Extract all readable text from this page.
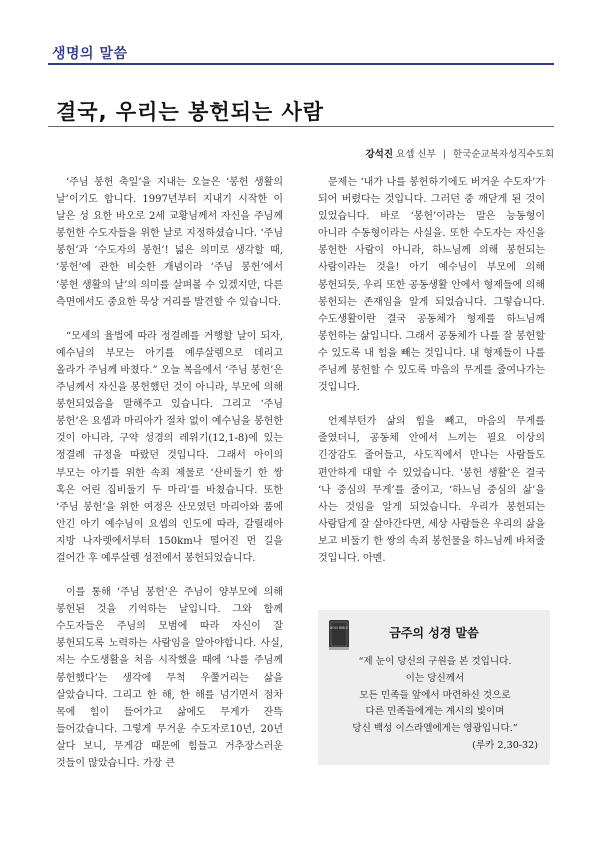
생명의 말씀
결국, 우리는 봉헌되는 사람
강석진 요셉 신부 | 한국순교복자성직수도회

‘주님 봉헌 축일’을 지내는 오늘은 ‘봉헌 생활의 날’이기도 합니다. 1997년부터 지내기 시작한 이 날은 성 요한 바오로 2세 교황님께서 자신을 주님께 봉헌한 수도자들을 위한 날로 지정하셨습니다. ‘주님 봉헌’과 ‘수도자의 봉헌’! 넓은 의미로 생각할 때, ‘봉헌’에 관한 비슷한 개념이라 ‘주님 봉헌’에서 ‘봉헌 생활의 날’의 의미를 살펴볼 수 있겠지만, 다른 측면에서도 중요한 묵상 거리를 발견할 수 있습니다.

“모세의 율법에 따라 정결례를 거행할 날이 되자, 예수님의 부모는 아기를 예루살렘으로 데리고 올라가 주님께 바쳤다.” 오늘 복음에서 ‘주님 봉헌’은 주님께서 자신을 봉헌했던 것이 아니라, 부모에 의해 봉헌되었음을 말해주고 있습니다. 그리고 ‘주님 봉헌’은 요셉과 마리아가 절차 없이 예수님을 봉헌한 것이 아니라, 구약 성경의 레위기(12,1-8)에 있는 정결례 규정을 따랐던 것입니다. 그래서 아이의 부모는 아기를 위한 속죄 제물로 ‘산비둘기 한 쌍 혹은 어린 집비둘기 두 마리’를 바쳤습니다. 또한 ‘주님 봉헌’을 위한 여정은 산모였던 마리아와 품에 안긴 아기 예수님이 요셉의 인도에 따라, 갈릴래아 지방 나자렛에서부터 150km나 떨어진 먼 길을 걸어간 후 예루살렘 성전에서 봉헌되었습니다.

이를 통해 ‘주님 봉헌’은 주님이 양부모에 의해 봉헌된 것을 기억하는 날입니다. 그와 함께 수도자들은 주님의 모범에 따라 자신이 잘 봉헌되도록 노력하는 사람임을 알아야합니다. 사실, 저는 수도생활을 처음 시작했을 때에 ‘나를 주님께 봉헌했다’는 생각에 무척 우쭐거리는 삶을 살았습니다. 그리고 한 해, 한 해를 넘기면서 점차 목에 힘이 들어가고 삶에도 무게가 잔뜩 들어갔습니다. 그렇게 무거운 수도자로10년, 20년 살다 보니, 무게감 때문에 힘들고 거추장스러운 것들이 많았습니다. 가장 큰

문제는 ‘내가 나를 봉헌하기에도 버거운 수도자’가 되어 버렸다는 것입니다. 그러던 중 깨닫게 된 것이 있었습니다. 바로 ‘봉헌’이라는 말은 능동형이 아니라 수동형이라는 사실을. 또한 수도자는 자신을 봉헌한 사람이 아니라, 하느님께 의해 봉헌되는 사람이라는 것을! 아기 예수님이 부모에 의해 봉헌되듯, 우리 또한 공동생활 안에서 형제들에 의해 봉헌되는 존재임을 알게 되었습니다. 그렇습니다. 수도생활이란 결국 공동체가 형제를 하느님께 봉헌하는 삶입니다. 그래서 공동체가 나를 잘 봉헌할 수 있도록 내 힘을 빼는 것입니다. 내 형제들이 나를 주님께 봉헌할 수 있도록 마음의 무게를 줄여나가는 것입니다.

언제부턴가 삶의 힘을 빼고, 마음의 무게를 줄였더니, 공동체 안에서 느끼는 필요 이상의 긴장감도 줄어들고, 사도직에서 만나는 사람들도 편안하게 대할 수 있었습니다. ‘봉헌 생활’은 결국 ‘나 중심의 무게’를 줄이고, ‘하느님 중심의 삶’을 사는 것임을 알게 되었습니다. 우리가 봉헌되는 사람답게 잘 살아간다면, 세상 사람들은 우리의 삶을 보고 비둘기 한 쌍의 속죄 봉헌물을 하느님께 바쳐줄 것입니다. 아멘.

HOLY BIBLE	금주의 성경 말씀
“제 눈이 당신의 구원을 본 것입니다.
이는 당신께서
모든 민족들 앞에서 마련하신 것으로
다른 민족들에게는 계시의 빛이며
당신 백성 이스라엘에게는 영광입니다.”
(루카 2,30-32)
